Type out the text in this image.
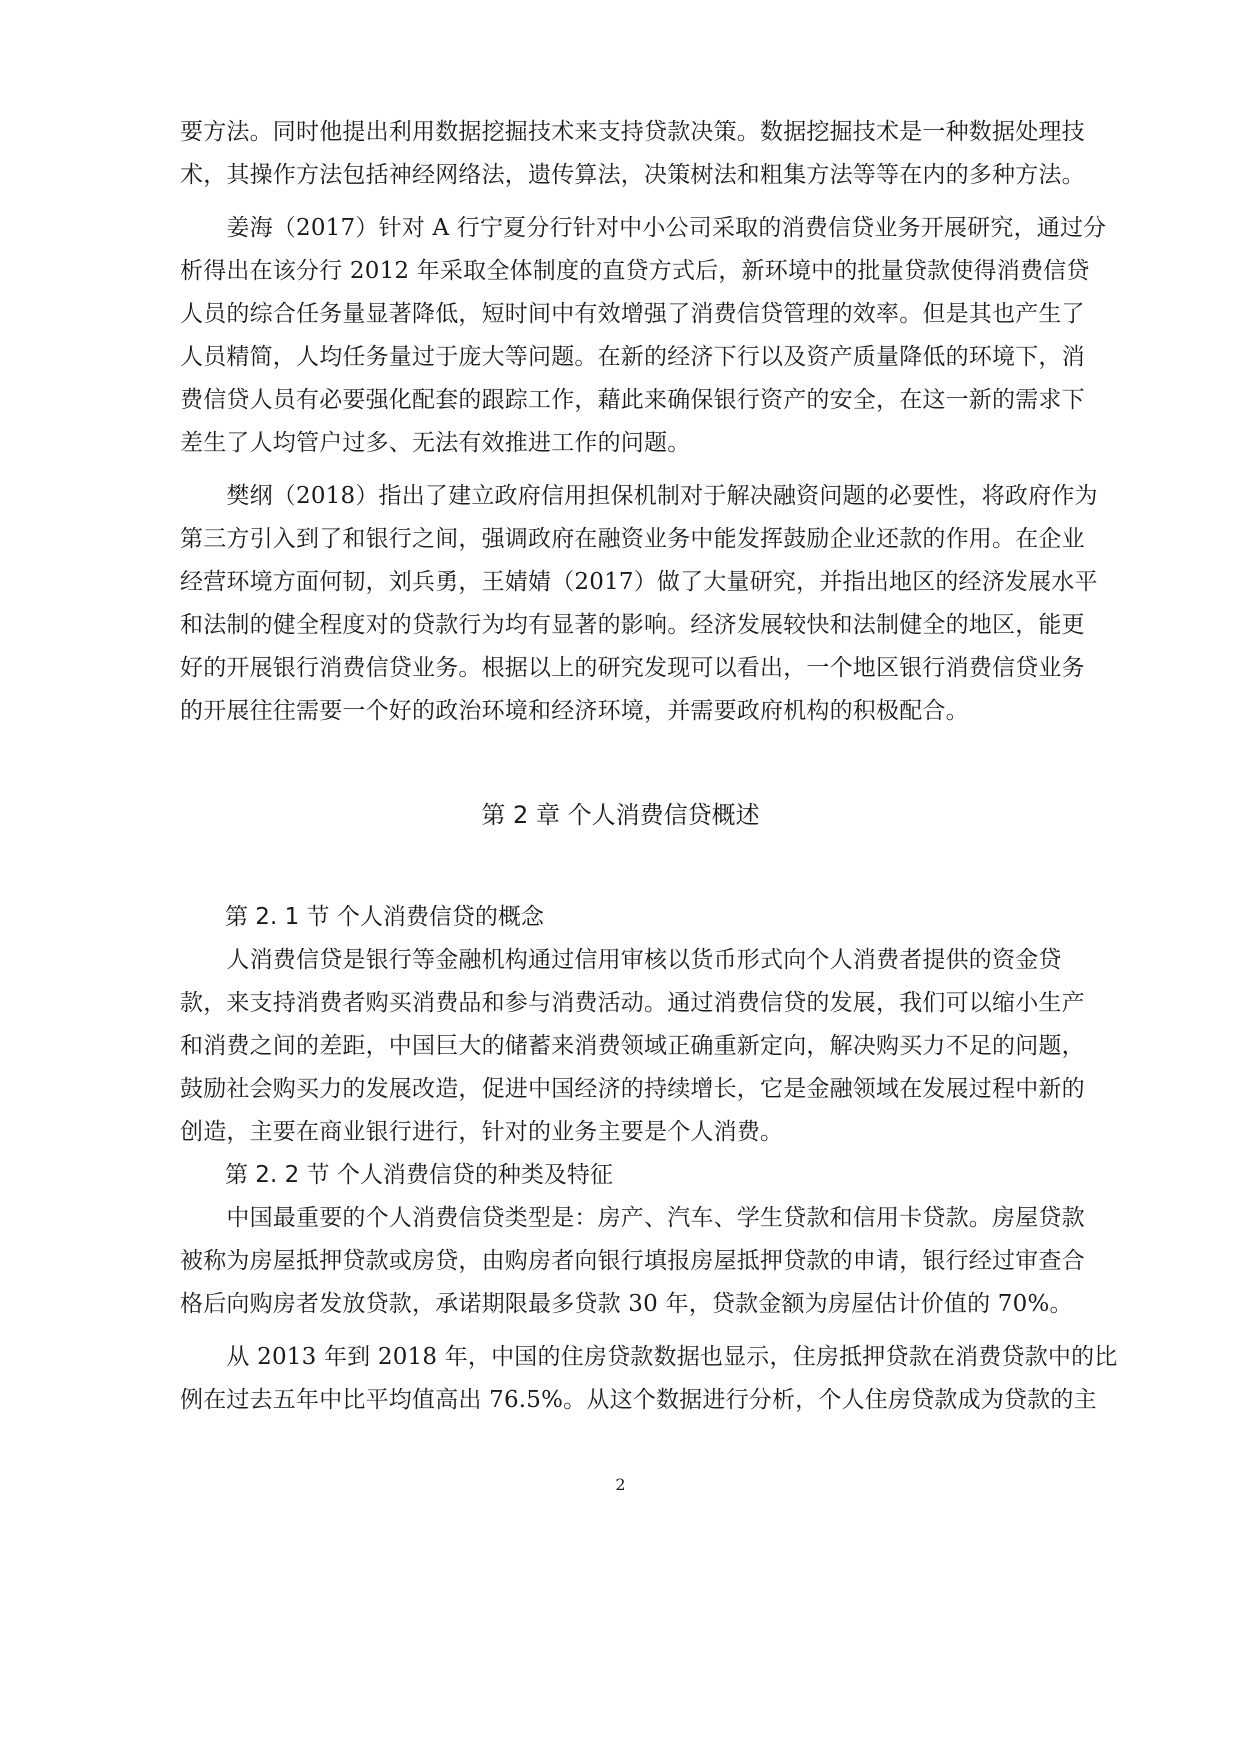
要方法。同时他提出利用数据挖掘技术来支持贷款决策。数据挖掘技术是一种数据处理技
术，其操作方法包括神经网络法，遗传算法，决策树法和粗集方法等等在内的多种方法。
　　姜海（2017）针对 A 行宁夏分行针对中小公司采取的消费信贷业务开展研究，通过分
析得出在该分行 2012 年采取全体制度的直贷方式后，新环境中的批量贷款使得消费信贷
人员的综合任务量显著降低，短时间中有效增强了消费信贷管理的效率。但是其也产生了
人员精简，人均任务量过于庞大等问题。在新的经济下行以及资产质量降低的环境下，消
费信贷人员有必要强化配套的跟踪工作，藉此来确保银行资产的安全，在这一新的需求下
差生了人均管户过多、无法有效推进工作的问题。
　　樊纲（2018）指出了建立政府信用担保机制对于解决融资问题的必要性，将政府作为
第三方引入到了和银行之间，强调政府在融资业务中能发挥鼓励企业还款的作用。在企业
经营环境方面何韧，刘兵勇，王婧婧（2017）做了大量研究，并指出地区的经济发展水平
和法制的健全程度对的贷款行为均有显著的影响。经济发展较快和法制健全的地区，能更
好的开展银行消费信贷业务。根据以上的研究发现可以看出，一个地区银行消费信贷业务
的开展往往需要一个好的政治环境和经济环境，并需要政府机构的积极配合。
第 2 章 个人消费信贷概述
第 2. 1 节 个人消费信贷的概念
　　人消费信贷是银行等金融机构通过信用审核以货币形式向个人消费者提供的资金贷
款，来支持消费者购买消费品和参与消费活动。通过消费信贷的发展，我们可以缩小生产
和消费之间的差距，中国巨大的储蓄来消费领域正确重新定向，解决购买力不足的问题，
鼓励社会购买力的发展改造，促进中国经济的持续增长，它是金融领域在发展过程中新的
创造，主要在商业银行进行，针对的业务主要是个人消费。
第 2. 2 节 个人消费信贷的种类及特征
　　中国最重要的个人消费信贷类型是：房产、汽车、学生贷款和信用卡贷款。房屋贷款
被称为房屋抵押贷款或房贷，由购房者向银行填报房屋抵押贷款的申请，银行经过审查合
格后向购房者发放贷款，承诺期限最多贷款 30 年，贷款金额为房屋估计价值的 70%。
　　从 2013 年到 2018 年，中国的住房贷款数据也显示，住房抵押贷款在消费贷款中的比
例在过去五年中比平均值高出 76.5%。从这个数据进行分析，个人住房贷款成为贷款的主
2
